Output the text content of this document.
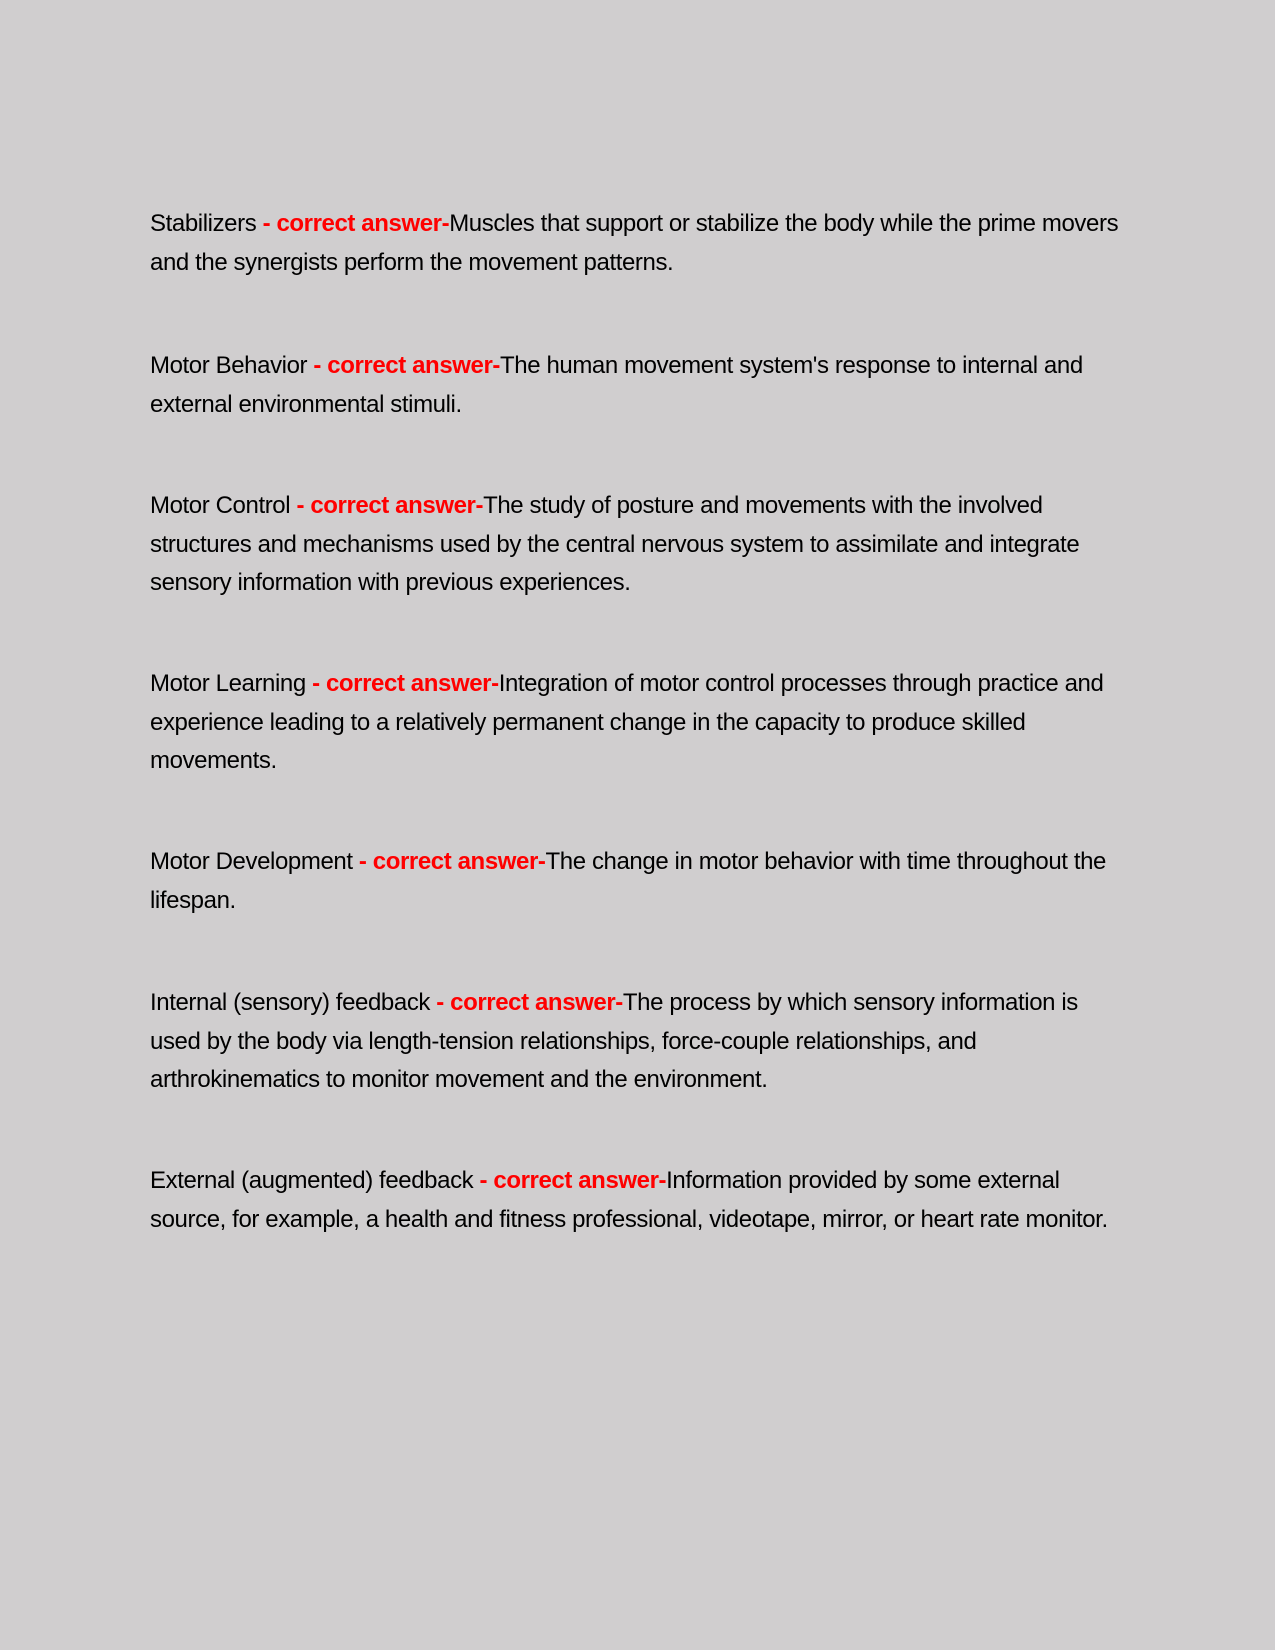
Stabilizers - correct answer-Muscles that support or stabilize the body while the prime movers and the synergists perform the movement patterns.
Motor Behavior - correct answer-The human movement system's response to internal and external environmental stimuli.
Motor Control - correct answer-The study of posture and movements with the involved structures and mechanisms used by the central nervous system to assimilate and integrate sensory information with previous experiences.
Motor Learning - correct answer-Integration of motor control processes through practice and experience leading to a relatively permanent change in the capacity to produce skilled movements.
Motor Development - correct answer-The change in motor behavior with time throughout the lifespan.
Internal (sensory) feedback - correct answer-The process by which sensory information is used by the body via length-tension relationships, force-couple relationships, and arthrokinematics to monitor movement and the environment.
External (augmented) feedback - correct answer-Information provided by some external source, for example, a health and fitness professional, videotape, mirror, or heart rate monitor.
